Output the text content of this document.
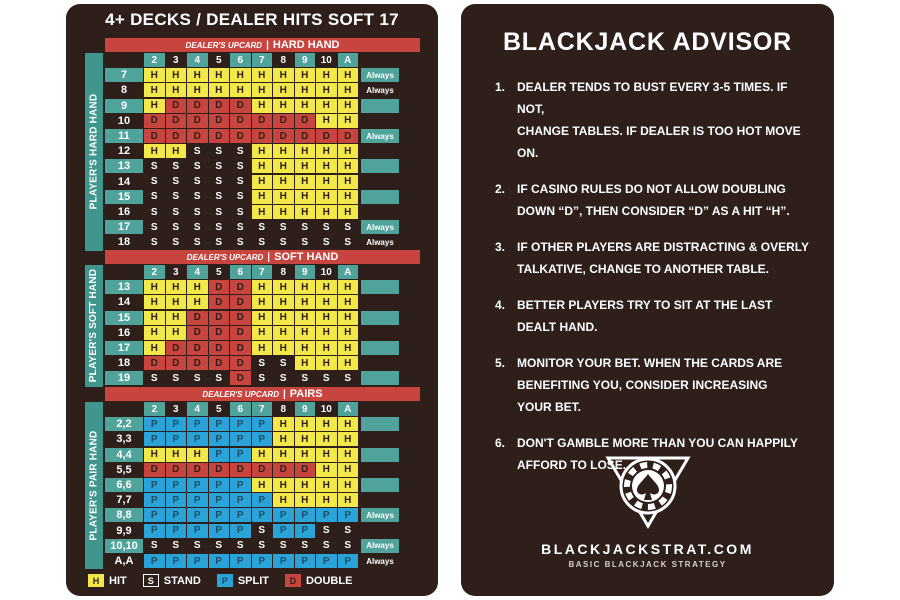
4+ DECKS / DEALER HITS SOFT 17
DEALER'S UPCARD | HARD HAND
2	3	4	5	6	7	8	9	10	A
PLAYER'S HARD HAND
7	H	H	H	H	H	H	H	H	H	H	Always
8	H	H	H	H	H	H	H	H	H	H	Always
9	H	D	D	D	D	H	H	H	H	H
10	D	D	D	D	D	D	D	D	H	H
11	D	D	D	D	D	D	D	D	D	D	Always
12	H	H	S	S	S	H	H	H	H	H
13	S	S	S	S	S	H	H	H	H	H
14	S	S	S	S	S	H	H	H	H	H
15	S	S	S	S	S	H	H	H	H	H
16	S	S	S	S	S	H	H	H	H	H
17	S	S	S	S	S	S	S	S	S	S	Always
18	S	S	S	S	S	S	S	S	S	S	Always
DEALER'S UPCARD | SOFT HAND
2	3	4	5	6	7	8	9	10	A
PLAYER'S SOFT HAND	13	H	H	H	D	D	H	H	H	H	H
14	H	H	H	D	D	H	H	H	H	H
15	H	H	D	D	D	H	H	H	H	H
16	H	H	D	D	D	H	H	H	H	H
17	H	D	D	D	D	H	H	H	H	H
18	D	D	D	D	D	S	S	H	H	H
19	S	S	S	S	D	S	S	S	S	S
DEALER'S UPCARD | PAIRS
2	3	4	5	6	7	8	9	10	A
PLAYER'S PAIR HAND
2,2	P	P	P	P	P	P	H	H	H	H
3,3	P	P	P	P	P	P	H	H	H	H
4,4	H	H	H	P	P	H	H	H	H	H
5,5	D	D	D	D	D	D	D	D	H	H
6,6	P	P	P	P	P	H	H	H	H	H
7,7	P	P	P	P	P	P	H	H	H	H
8,8	P	P	P	P	P	P	P	P	P	P	Always
9,9	P	P	P	P	P	S	P	P	S	S
10,10	S	S	S	S	S	S	S	S	S	S	Always
A,A	P	P	P	P	P	P	P	P	P	P	Always
H HIT	S STAND	P SPLIT	D DOUBLE
BLACKJACK ADVISOR
1. DEALER TENDS TO BUST EVERY 3-5 TIMES. IF NOT,
CHANGE TABLES. IF DEALER IS TOO HOT MOVE ON.
2. IF CASINO RULES DO NOT ALLOW DOUBLING
DOWN “D”, THEN CONSIDER “D” AS A HIT “H”.
3. IF OTHER PLAYERS ARE DISTRACTING & OVERLY
TALKATIVE, CHANGE TO ANOTHER TABLE.
4. BETTER PLAYERS TRY TO SIT AT THE LAST DEALT HAND.
5. MONITOR YOUR BET. WHEN THE CARDS ARE
BENEFITING YOU, CONSIDER INCREASING
YOUR BET.
6. DON'T GAMBLE MORE THAN YOU CAN HAPPILY
AFFORD TO LOSE.
BLACKJACKSTRAT.COM
BASIC BLACKJACK STRATEGY
